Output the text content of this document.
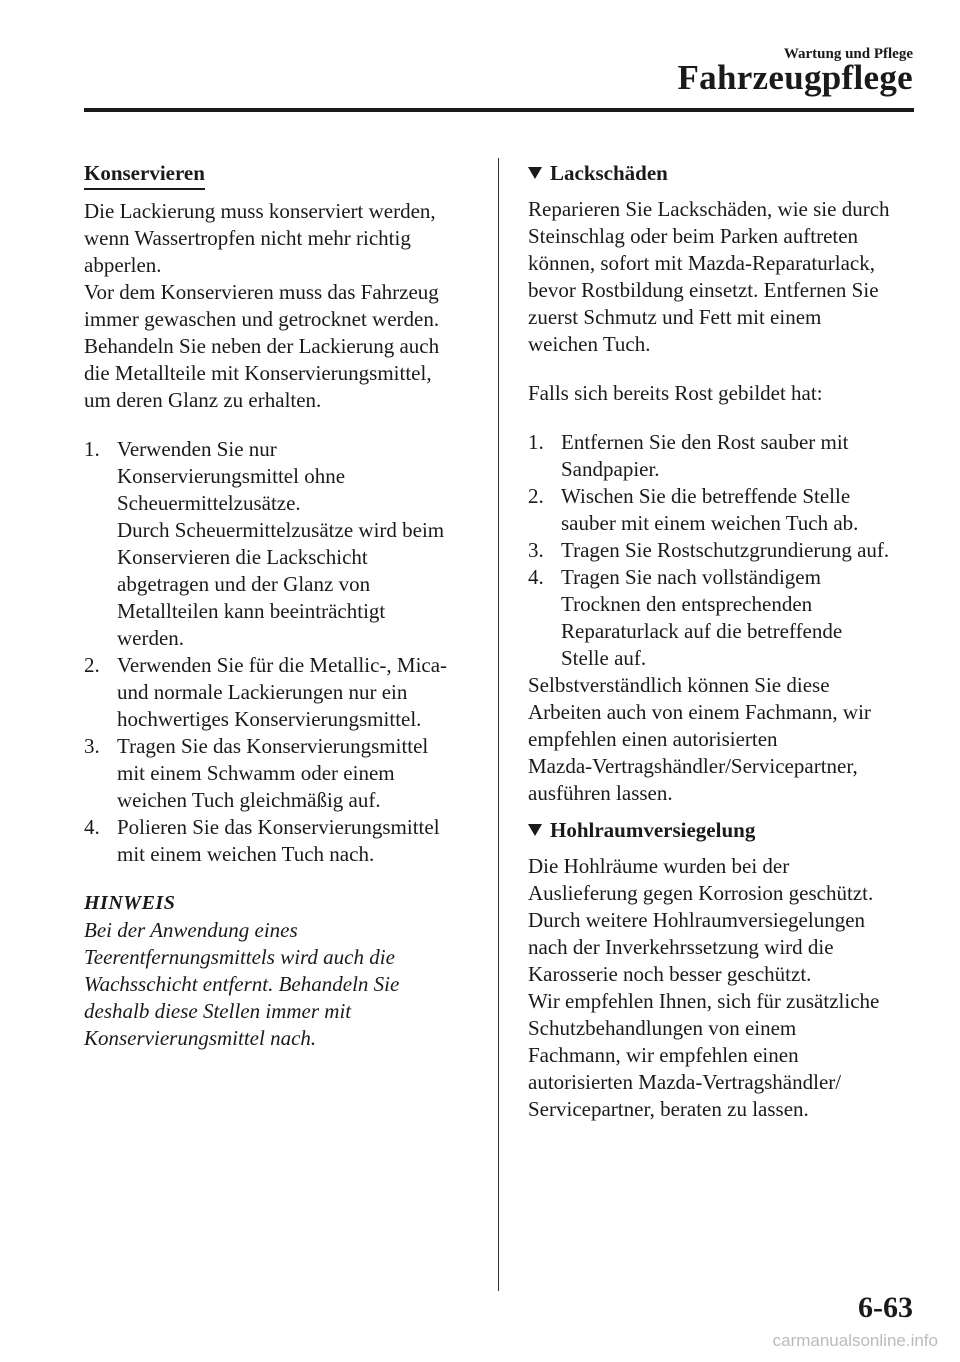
Wartung und Pflege
Fahrzeugpflege
Konservieren

Die Lackierung muss konserviert werden,

wenn Wassertropfen nicht mehr richtig

abperlen.

Vor dem Konservieren muss das Fahrzeug

immer gewaschen und getrocknet werden.

Behandeln Sie neben der Lackierung auch

die Metallteile mit Konservierungsmittel,

um deren Glanz zu erhalten.

1. Verwenden Sie nur
Konservierungsmittel ohne
Scheuermittelzusätze.
Durch Scheuermittelzusätze wird beim
Konservieren die Lackschicht
abgetragen und der Glanz von
Metallteilen kann beeinträchtigt
werden.
2. Verwenden Sie für die Metallic-, Mica-
und normale Lackierungen nur ein
hochwertiges Konservierungsmittel.
3. Tragen Sie das Konservierungsmittel
mit einem Schwamm oder einem
weichen Tuch gleichmäßig auf.
4. Polieren Sie das Konservierungsmittel
mit einem weichen Tuch nach.

HINWEIS

Bei der Anwendung eines

Teerentfernungsmittels wird auch die

Wachsschicht entfernt. Behandeln Sie

deshalb diese Stellen immer mit

Konservierungsmittel nach.

Lackschäden

Reparieren Sie Lackschäden, wie sie durch

Steinschlag oder beim Parken auftreten

können, sofort mit Mazda-Reparaturlack,

bevor Rostbildung einsetzt. Entfernen Sie

zuerst Schmutz und Fett mit einem

weichen Tuch.

Falls sich bereits Rost gebildet hat:

1. Entfernen Sie den Rost sauber mit
Sandpapier.
2. Wischen Sie die betreffende Stelle
sauber mit einem weichen Tuch ab.
3. Tragen Sie Rostschutzgrundierung auf.
4. Tragen Sie nach vollständigem
Trocknen den entsprechenden
Reparaturlack auf die betreffende
Stelle auf.

Selbstverständlich können Sie diese

Arbeiten auch von einem Fachmann, wir

empfehlen einen autorisierten

Mazda-Vertragshändler/Servicepartner,

ausführen lassen.

Hohlraumversiegelung

Die Hohlräume wurden bei der

Auslieferung gegen Korrosion geschützt.

Durch weitere Hohlraumversiegelungen

nach der Inverkehrssetzung wird die

Karosserie noch besser geschützt.

Wir empfehlen Ihnen, sich für zusätzliche

Schutzbehandlungen von einem

Fachmann, wir empfehlen einen

autorisierten Mazda-Vertragshändler/

Servicepartner, beraten zu lassen.

6-63
carmanualsonline.info
